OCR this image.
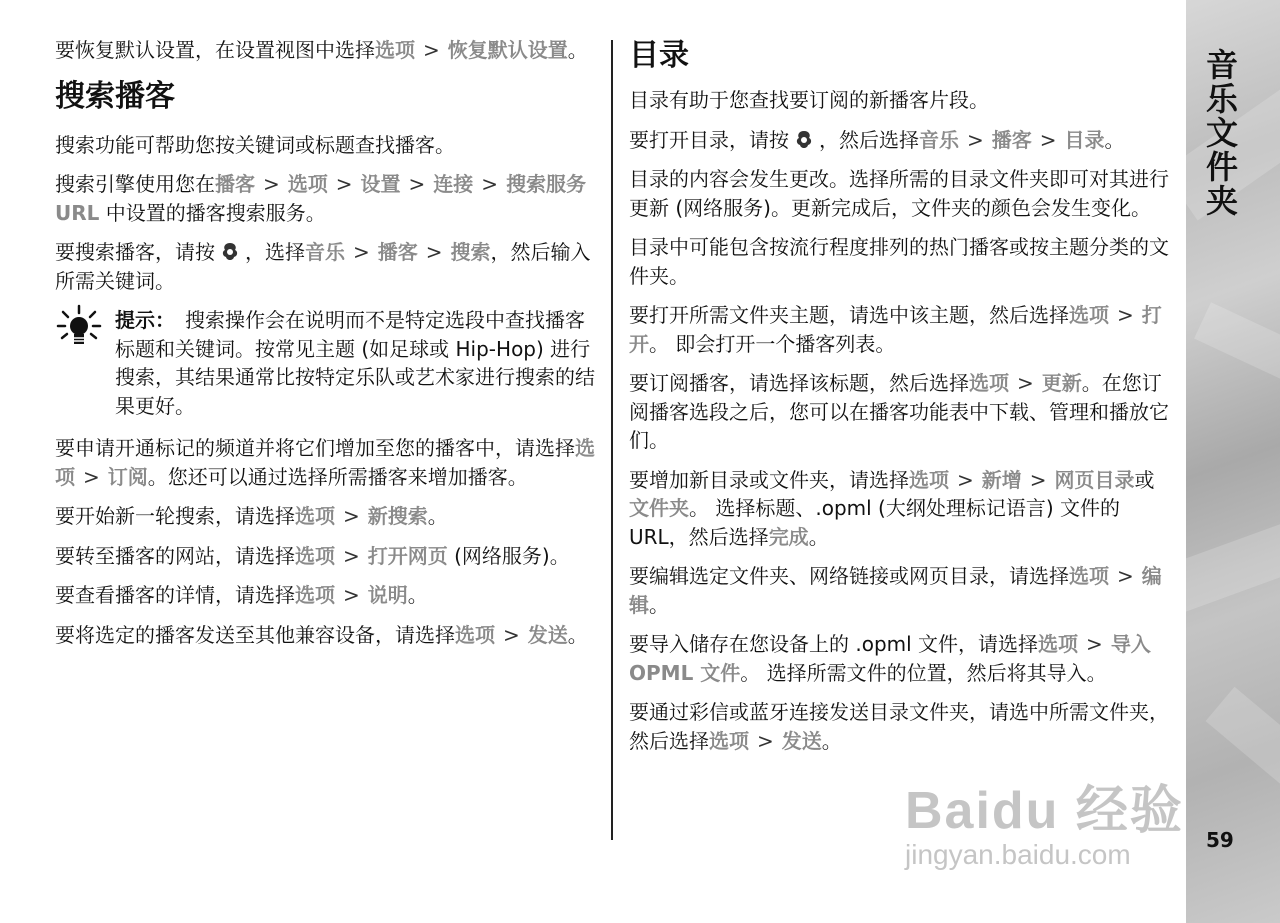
要恢复默认设置，在设置视图中选择选项 > 恢复默认设置。

搜索播客

搜索功能可帮助您按关键词或标题查找播客。

搜索引擎使用您在播客 > 选项 > 设置 > 连接 > 搜索服务 URL 中设置的播客搜索服务。

要搜索播客，请按 ，选择音乐 > 播客 > 搜索，然后输入所需关键词。

提示： 搜索操作会在说明而不是特定选段中查找播客标题和关键词。按常见主题 (如足球或 Hip-Hop) 进行搜索，其结果通常比按特定乐队或艺术家进行搜索的结果更好。

要申请开通标记的频道并将它们增加至您的播客中，请选择选项 > 订阅。您还可以通过选择所需播客来增加播客。

要开始新一轮搜索，请选择选项 > 新搜索。

要转至播客的网站，请选择选项 > 打开网页 (网络服务)。

要查看播客的详情，请选择选项 > 说明。

要将选定的播客发送至其他兼容设备，请选择选项 > 发送。

目录

目录有助于您查找要订阅的新播客片段。

要打开目录，请按 ，然后选择音乐 > 播客 > 目录。

目录的内容会发生更改。选择所需的目录文件夹即可对其进行更新 (网络服务)。更新完成后，文件夹的颜色会发生变化。

目录中可能包含按流行程度排列的热门播客或按主题分类的文件夹。

要打开所需文件夹主题，请选中该主题，然后选择选项 > 打开。 即会打开一个播客列表。

要订阅播客，请选择该标题，然后选择选项 > 更新。在您订阅播客选段之后，您可以在播客功能表中下载、管理和播放它们。

要增加新目录或文件夹，请选择选项 > 新增 > 网页目录或文件夹。 选择标题、.opml (大纲处理标记语言) 文件的 URL，然后选择完成。

要编辑选定文件夹、网络链接或网页目录，请选择选项 > 编辑。

要导入储存在您设备上的 .opml 文件，请选择选项 > 导入 OPML 文件。 选择所需文件的位置，然后将其导入。

要通过彩信或蓝牙连接发送目录文件夹，请选中所需文件夹，然后选择选项 > 发送。

音乐文件夹
59
Baidu 经验
jingyan.baidu.com
